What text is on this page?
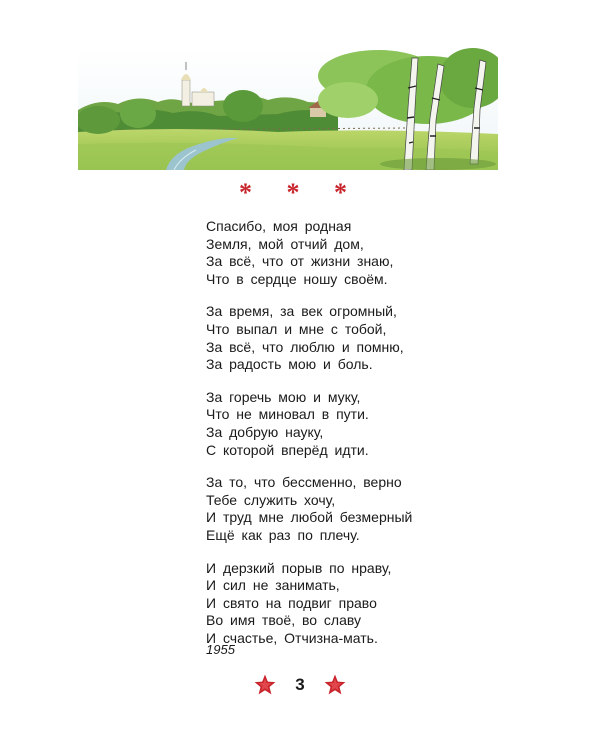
* * *
Спасибо, моя родная
Земля, мой отчий дом,
За всё, что от жизни знаю,
Что в сердце ношу своём.
За время, за век огромный,
Что выпал и мне с тобой,
За всё, что люблю и помню,
За радость мою и боль.
За горечь мою и муку,
Что не миновал в пути.
За добрую науку,
С которой вперёд идти.
За то, что бессменно, верно
Тебе служить хочу,
И труд мне любой безмерный
Ещё как раз по плечу.
И дерзкий порыв по нраву,
И сил не занимать,
И свято на подвиг право
Во имя твоё, во славу
И счастье, Отчизна-мать.
1955
3
